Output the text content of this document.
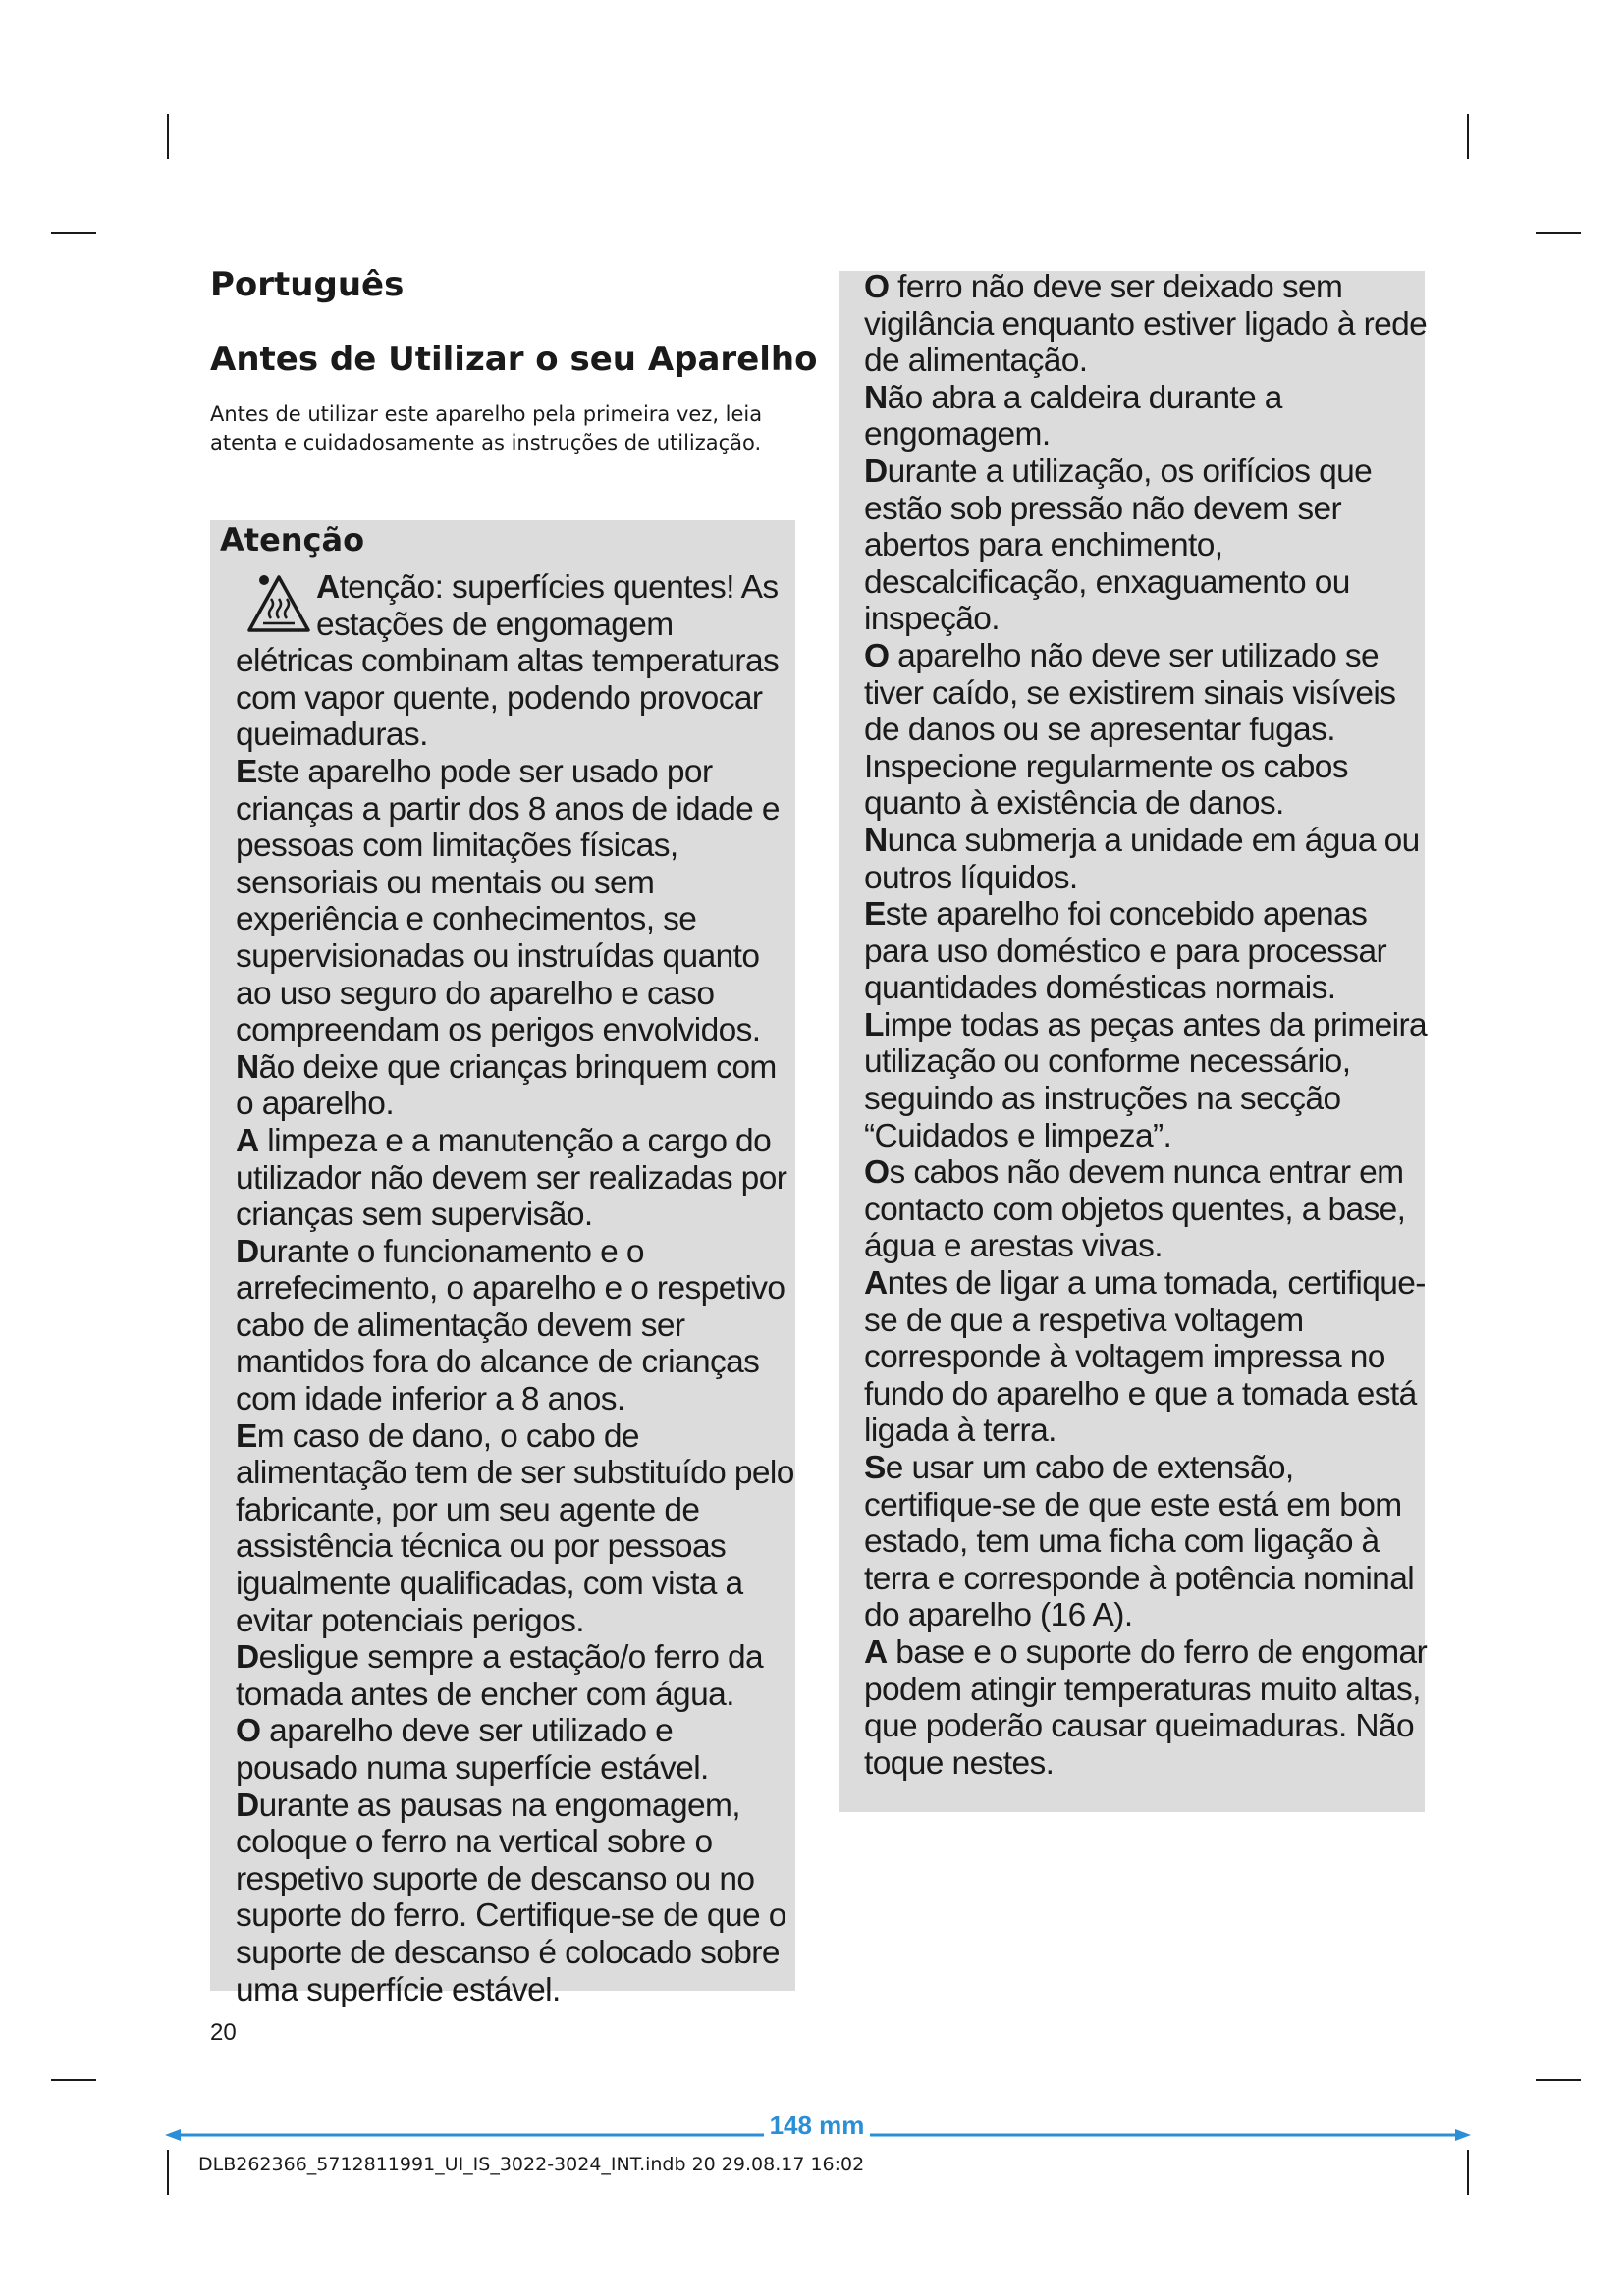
Português
Antes de Utilizar o seu Aparelho

Antes de utilizar este aparelho pela primeira vez, leia atenta e cuidadosamente as instruções de utilização.

Atenção

Atenção: superfícies quentes! As estações de engomagem elétricas combinam altas temperaturas com vapor quente, podendo provocar queimaduras.

Este aparelho pode ser usado por crianças a partir dos 8 anos de idade e pessoas com limitações físicas, sensoriais ou mentais ou sem experiência e conhecimentos, se supervisionadas ou instruídas quanto ao uso seguro do aparelho e caso compreendam os perigos envolvidos.

Não deixe que crianças brinquem com o aparelho.

A limpeza e a manutenção a cargo do utilizador não devem ser realizadas por crianças sem supervisão.

Durante o funcionamento e o arrefecimento, o aparelho e o respetivo cabo de alimentação devem ser mantidos fora do alcance de crianças com idade inferior a 8 anos.

Em caso de dano, o cabo de alimentação tem de ser substituído pelo fabricante, por um seu agente de assistência técnica ou por pessoas igualmente qualificadas, com vista a evitar potenciais perigos.

Desligue sempre a estação/o ferro da tomada antes de encher com água.

O aparelho deve ser utilizado e pousado numa superfície estável.

Durante as pausas na engomagem, coloque o ferro na vertical sobre o respetivo suporte de descanso ou no suporte do ferro. Certifique-se de que o suporte de descanso é colocado sobre uma superfície estável.

O ferro não deve ser deixado sem vigilância enquanto estiver ligado à rede de alimentação.

Não abra a caldeira durante a engomagem.

Durante a utilização, os orifícios que estão sob pressão não devem ser abertos para enchimento, descalcificação, enxaguamento ou inspeção.

O aparelho não deve ser utilizado se tiver caído, se existirem sinais visíveis de danos ou se apresentar fugas. Inspecione regularmente os cabos quanto à existência de danos.

Nunca submerja a unidade em água ou outros líquidos.

Este aparelho foi concebido apenas para uso doméstico e para processar quantidades domésticas normais.

Limpe todas as peças antes da primeira utilização ou conforme necessário, seguindo as instruções na secção “Cuidados e limpeza”.

Os cabos não devem nunca entrar em contacto com objetos quentes, a base, água e arestas vivas.

Antes de ligar a uma tomada, certifique-se de que a respetiva voltagem corresponde à voltagem impressa no fundo do aparelho e que a tomada está ligada à terra.

Se usar um cabo de extensão, certifique-se de que este está em bom estado, tem uma ficha com ligação à terra e corresponde à potência nominal do aparelho (16 A).

A base e o suporte do ferro de engomar podem atingir temperaturas muito altas, que poderão causar queimaduras. Não toque nestes.

20
148 mm
DLB262366_5712811991_UI_IS_3022-3024_INT.indb 20 29.08.17 16:02
